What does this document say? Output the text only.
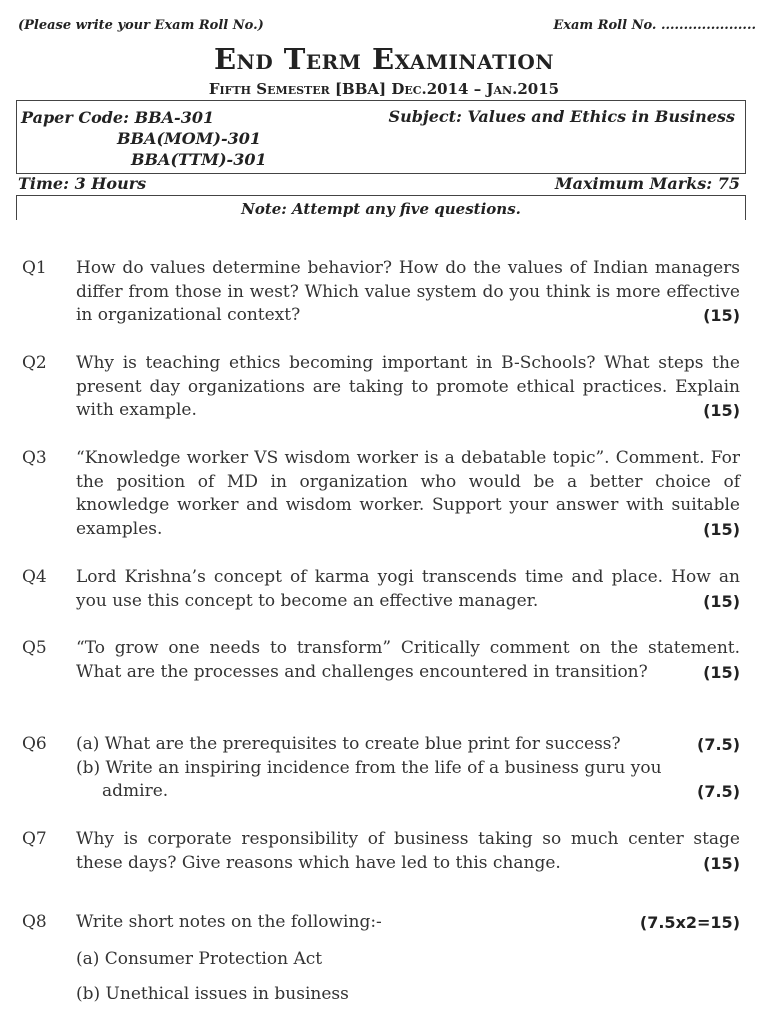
(Please write your Exam Roll No.)	Exam Roll No. .....................
End Term Examination
Fifth Semester [BBA] Dec.2014 – Jan.2015
Paper Code: BBA-301
BBA(MOM)-301
BBA(TTM)-301
Subject: Values and Ethics in Business
Time: 3 Hours	Maximum Marks: 75
Note: Attempt any five questions.
Q1 How do values determine behavior? How do the values of Indian managers differ from those in west? Which value system do you think is more effective in organizational context?	(15)
Q2 Why is teaching ethics becoming important in B-Schools? What steps the present day organizations are taking to promote ethical practices. Explain with example.	(15)
Q3 “Knowledge worker VS wisdom worker is a debatable topic”. Comment. For the position of MD in organization who would be a better choice of knowledge worker and wisdom worker. Support your answer with suitable examples.	(15)
Q4 Lord Krishna’s concept of karma yogi transcends time and place. How an you use this concept to become an effective manager.	(15)
Q5 “To grow one needs to transform” Critically comment on the statement. What are the processes and challenges encountered in transition?	(15)
Q6 (a) What are the prerequisites to create blue print for success?	(7.5)
(b) Write an inspiring incidence from the life of a business guru you
admire.	(7.5)
Q7 Why is corporate responsibility of business taking so much center stage these days? Give reasons which have led to this change.	(15)
Q8 Write short notes on the following:-	(7.5x2=15)
(a) Consumer Protection Act
(b) Unethical issues in business
